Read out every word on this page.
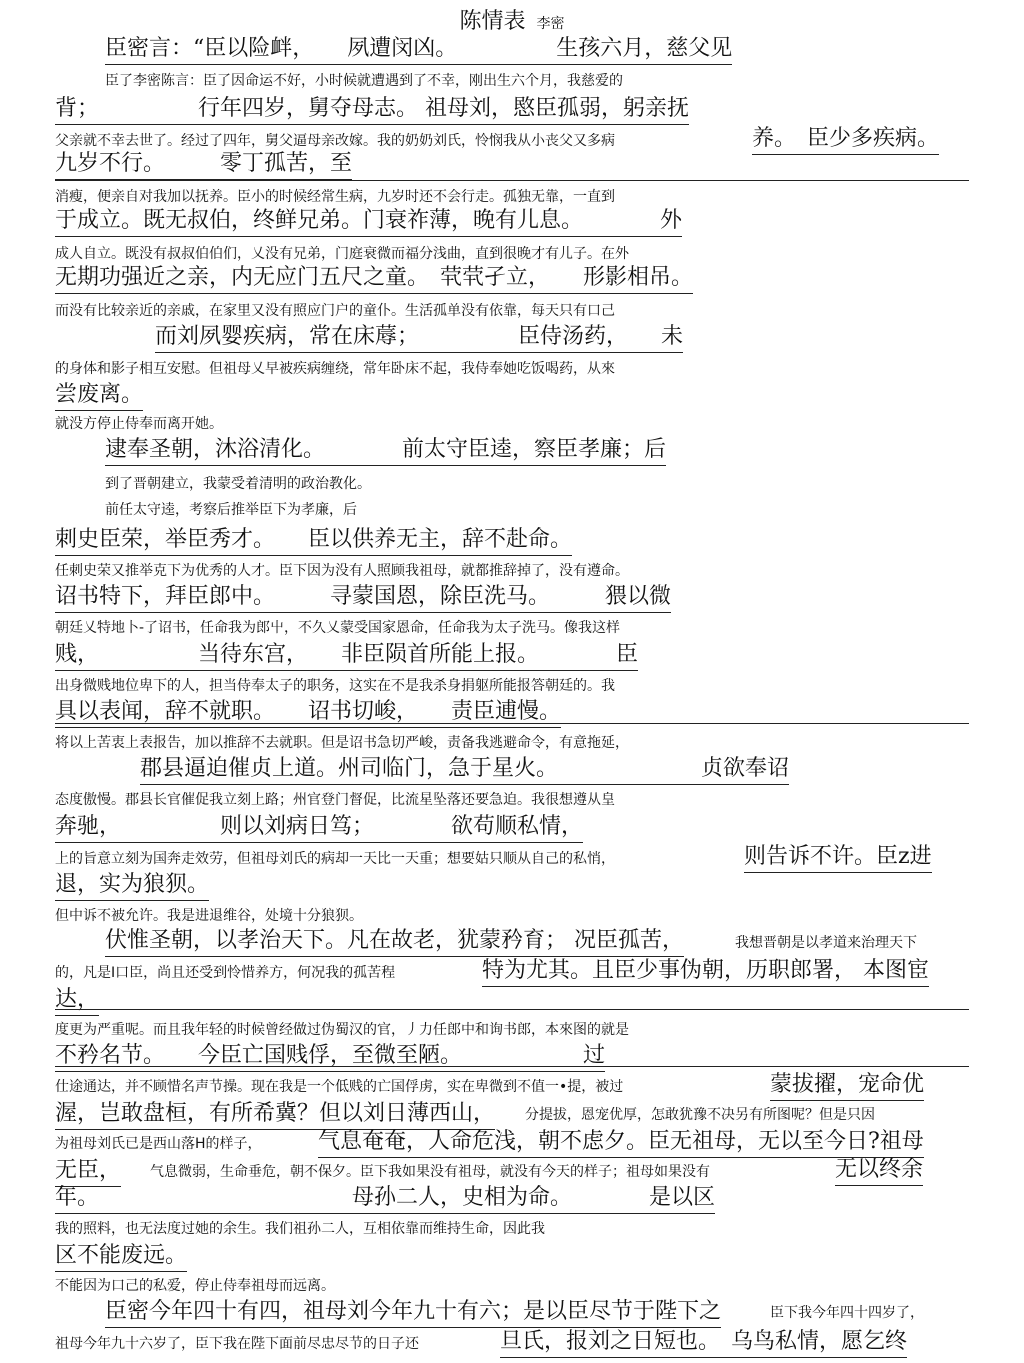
陈情表 李密
臣密言：“臣以险衅，　　夙遭闵凶。　　　　　生孩六月，慈父见
臣了李密陈言：臣了因命运不好，小时候就遭遇到了不幸，刚出生六个月，我慈爱的
背；　　　　　行年四岁，舅夺母志。 祖母刘，愍臣孤弱，躬亲抚
父亲就不幸去世了。经过了四年，舅父逼母亲改嫁。我的奶奶刘氏，怜悯我从小丧父又多病	养。　臣少多疾病。
九岁不行。　　　零丁孤苦，至
消瘦，便亲自对我加以抚养。臣小的时候经常生病，九岁时还不会行走。孤独无靠，一直到
于成立。既无叔伯，终鲜兄弟。门衰祚薄，晚有儿息。　　　　外
成人自立。既没有叔叔伯伯们，乂没有兄弟，门庭衰微而福分浅曲，直到很晚才有儿子。在外
无期功强近之亲，内无应门五尺之童。　茕茕孑立，　　形影相吊。
而没有比较亲近的亲戚，在家里又没有照应门户的童仆。生活孤单没有依靠，每天只有口己
而刘夙婴疾病，常在床蓐；　　　　　臣侍汤药，　　未
的身体和影子相互安慰。但祖母乂早被疾病缠绕，常年卧床不起，我侍奉她吃饭喝药，从來
尝废离。
就没方停止侍奉而离开她。
逮奉圣朝，沐浴清化。　　　　前太守臣逵，察臣孝廉；后
到了晋朝建立，我蒙受着清明的政治教化。
前任太守逵，考察后推举臣下为孝廉，后
刺史臣荣，举臣秀才。　　臣以供养无主，辞不赴命。
任刺史荣又推举克下为优秀的人才。臣下因为没有人照顾我祖母，就都推辞掉了，没有遵命。
诏书特下，拜臣郎中。　　　寻蒙国恩，除臣洗马。　　　猥以微
朝廷乂特地卜-了诏书，任命我为郎屮，不久乂蒙受国家恩命，任命我为太子洗马。像我这样
贱，　　　　　当待东宫，　　非臣陨首所能上报。　　　　臣
出身微贱地位卑下的人，担当侍奉太子的职务，这实在不是我杀身捐躯所能报答朝廷的。我
具以表闻，辞不就职。　　诏书切峻，　　责臣逋慢。
将以上苦衷上表报告，加以推辞不去就职。但是诏书急切严峻，责备我逃避命令，有意拖延，
郡县逼迫催贞上道。州司临门，急于星火。　　　　　　　贞欲奉诏
态度傲慢。郡县长官催促我立刻上路；州官登门督促，比流星坠落还要急迫。我很想遵从皇
奔驰，　　　　　则以刘病日笃；　　　　欲苟顺私情，
上的旨意立刻为国奔走效劳，但祖母刘氏的病却一天比一天重；想要姑只顺从自己的私悄，	则告诉不许。臣z进
退，实为狼狈。
但中诉不被允许。我是进退维谷，处境十分狼狈。
伏惟圣朝，以孝治天下。凡在故老，犹蒙矜育； 况臣孤苦，	我想晋朝是以孝道来治理天下
的，凡是I口臣，尚且还受到怜惜养方，何况我的孤苦程	特为尤其。且臣少事伪朝，历职郎署， 本图宦
达，
度更为严重呢。而且我年轻的时候曾经做过伪蜀汉的官，丿力任郎中和询书郎，本來图的就是
不矜名节。　　今臣亡国贱俘，至微至陋。　　　　　　过
仕途通达，并不顾惜名声节操。现在我是一个低贱的亡国俘虏，实在卑微到不值一•提，被过	蒙拔擢，宠命优
渥，岂敢盘桓，有所希冀？但以刘日薄西山， 分提拔，恩宠优厚，怎敢犹豫不决另有所图呢？但是只因
为祖母刘氏已是西山落H的样子，	气息奄奄，人命危浅，朝不虑夕。臣无祖母，无以至今日?祖母
无臣， 气息微弱，生命垂危，朝不保夕。臣下我如果没有祖母，就没有今天的样子；祖母如果没有	无以终余
年。　　　　　　　　　　　　母孙二人，史相为命。　　　　是以区
我的照料，也无法度过她的余生。我们祖孙二人，互相依靠而维持生命，因此我
区不能废远。
不能因为口己的私爱，停止侍奉祖母而远离。
臣密今年四十有四，祖母刘今年九十有六；是以臣尽节于陛下之	臣下我今年四十四岁了，
祖母今年九十六岁了，臣下我在陛下面前尽忠尽节的日子还	旦氏，报刘之日短也。　乌鸟私情，愿乞终
